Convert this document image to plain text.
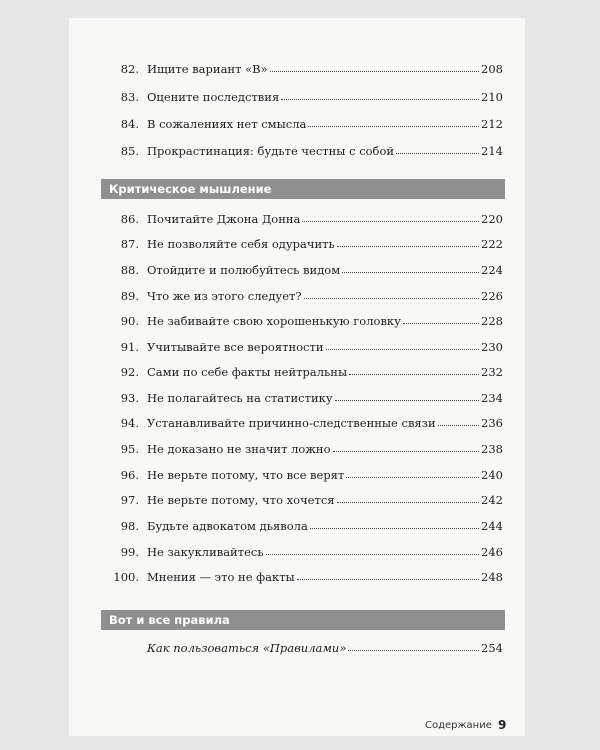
82. Ищите вариант «В»	208
83. Оцените последствия	210
84. В сожалениях нет смысла	212
85. Прокрастинация: будьте честны с собой	214
Критическое мышление
86. Почитайте Джона Донна	220
87. Не позволяйте себя одурачить	222
88. Отойдите и полюбуйтесь видом	224
89. Что же из этого следует?	226
90. Не забивайте свою хорошенькую головку	228
91. Учитывайте все вероятности	230
92. Сами по себе факты нейтральны	232
93. Не полагайтесь на статистику	234
94. Устанавливайте причинно-следственные связи	236
95. Не доказано не значит ложно	238
96. Не верьте потому, что все верят	240
97. Не верьте потому, что хочется	242
98. Будьте адвокатом дьявола	244
99. Не закукливайтесь	246
100. Мнения — это не факты	248
Вот и все правила
Как пользоваться «Правилами»	254
Содержание 9
